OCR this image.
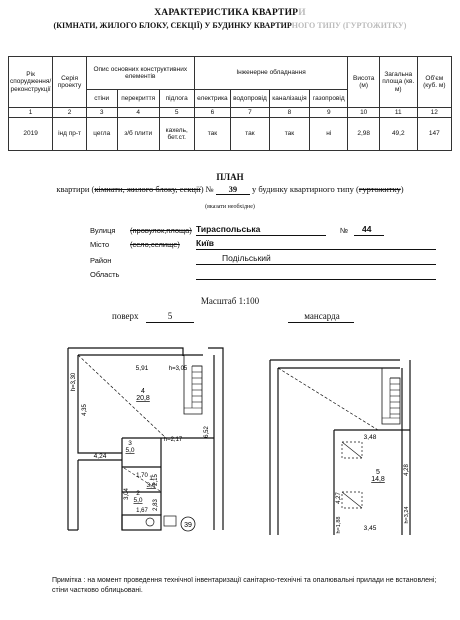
ХАРАКТЕРИСТИКА КВАРТИРИ
(КІМНАТИ, ЖИЛОГО БЛОКУ, СЕКЦІЇ) У БУДИНКУ КВАРТИРНОГО ТИПУ (ГУРТОЖИТКУ)
Рік спорудження/ реконструкції	Серія проекту	Опис основних конструктивних елементів			Інженерне обладнання				Висота (м)	Загальна площа (кв. м)	Об'єм (куб. м)
		стіни	перекриття	підлога	електрика	водопровід	каналізація	газопровід			
1	2	3	4	5	6	7	8	9	10	11	12
2019	інд пр-т	цегла	з/б плити	кахель, бет.ст.	так	так	так	ні	2,98	49,2	147
ПЛАН
квартири (кімнати, жилого блоку, секції) № 39 у будинку квартирного типу (гуртожитку)
(вказати необхідне)
Вулиця (провулок,площа) Тираспольська	№ 44
Місто	(село,селище) Київ
Район	Подільський
Область
Масштаб 1:100
поверх	5	мансарда
5,91	h=3,05
h=3,30
4,35
4,24
h=2,17
6,52
1,70 2,15
3,04
2,83
1,67
4
20,8
3
5,0
2
5,0
1
3,6
39
3,48
4,28
4,27
h=1,88
h=3,24
3,45
5
14,8
Примітка : на момент проведення технічної інвентаризації санітарно-технічні та опалювальні прилади не встановлені; стіни частково облицьовані.
